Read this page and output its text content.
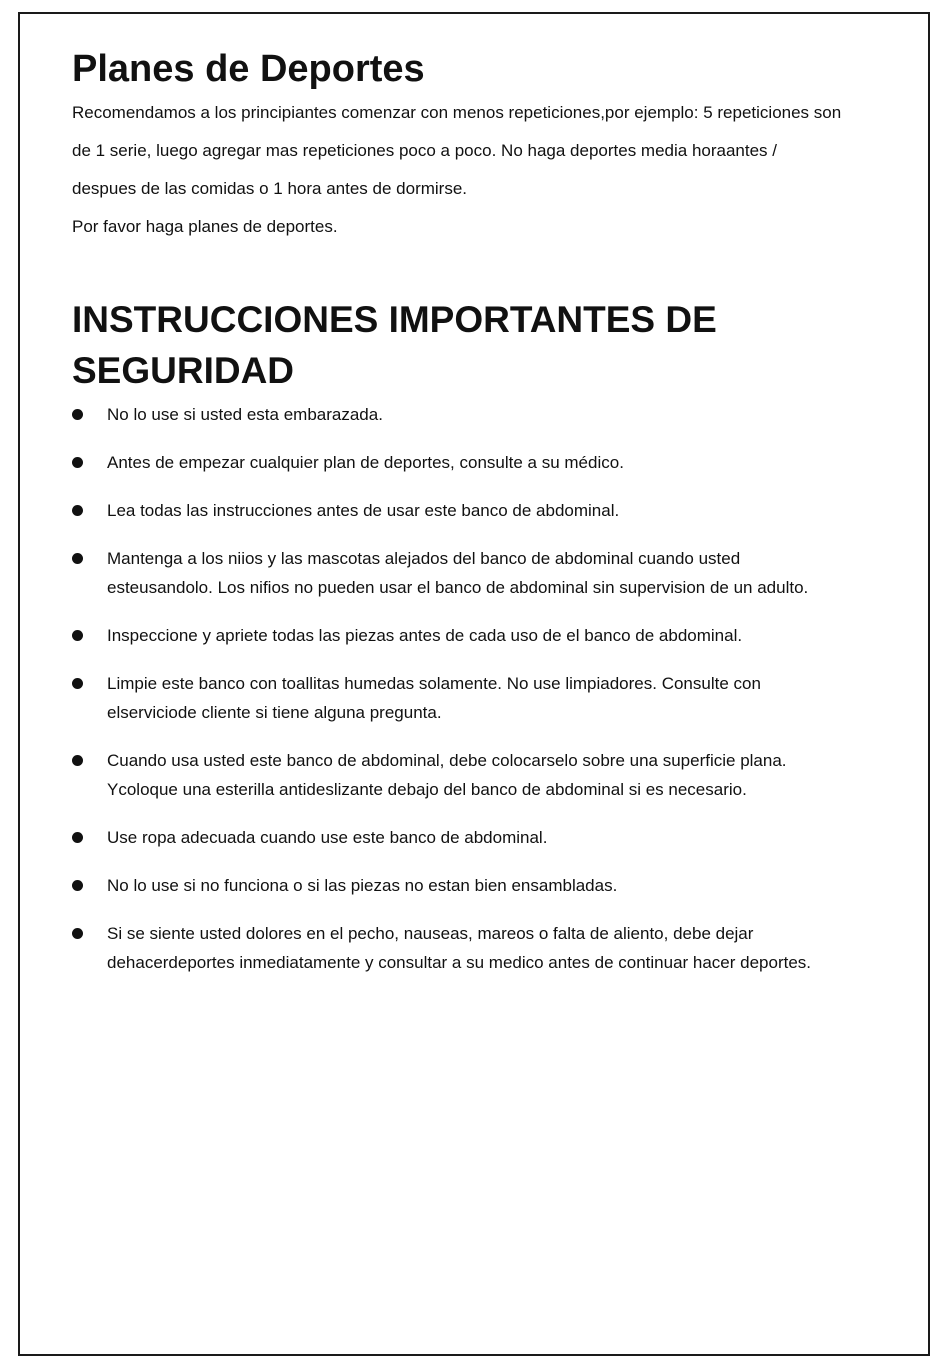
Planes de Deportes

Recomendamos a los principiantes comenzar con menos repeticiones,por ejemplo: 5 repeticiones son

de 1 serie, luego agregar mas repeticiones poco a poco. No haga deportes media horaantes /

despues de las comidas o 1 hora antes de dormirse.

Por favor haga planes de deportes.

INSTRUCCIONES IMPORTANTES DE
SEGURIDAD
No lo use si usted esta embarazada.
Antes de empezar cualquier plan de deportes, consulte a su médico.
Lea todas las instrucciones antes de usar este banco de abdominal.
Mantenga a los niios y las mascotas alejados del banco de abdominal cuando usted
esteusandolo. Los nifios no pueden usar el banco de abdominal sin supervision de un adulto.
Inspeccione y apriete todas las piezas antes de cada uso de el banco de abdominal.
Limpie este banco con toallitas humedas solamente. No use limpiadores. Consulte con
elserviciode cliente si tiene alguna pregunta.
Cuando usa usted este banco de abdominal, debe colocarselo sobre una superficie plana.
Ycoloque una esterilla antideslizante debajo del banco de abdominal si es necesario.
Use ropa adecuada cuando use este banco de abdominal.
No lo use si no funciona o si las piezas no estan bien ensambladas.
Si se siente usted dolores en el pecho, nauseas, mareos o falta de aliento, debe dejar
dehacerdeportes inmediatamente y consultar a su medico antes de continuar hacer deportes.
